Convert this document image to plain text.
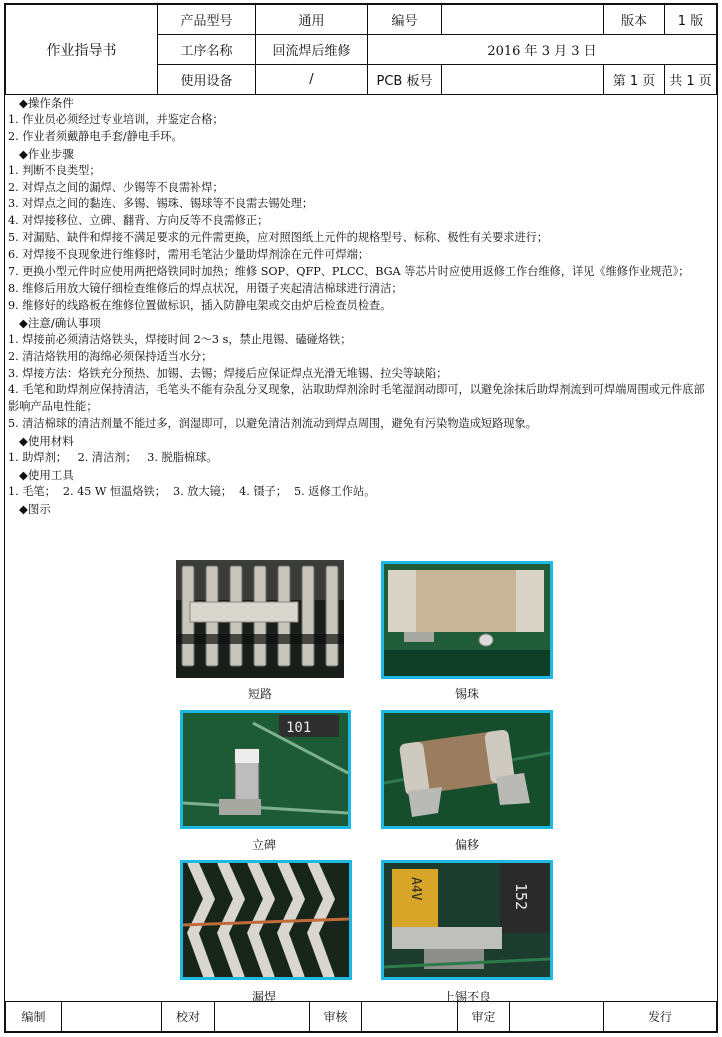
作业指导书	产品型号	通用	编号		版本	1 版
	工序名称	回流焊后维修	2016 年 3 月 3 日			
	使用设备	/	PCB 板号		第 1 页	共 1 页
◆操作条件
1. 作业员必须经过专业培训，并鉴定合格；
2. 作业者须戴静电手套/静电手环。
◆作业步骤
1. 判断不良类型；
2. 对焊点之间的漏焊、少锡等不良需补焊；
3. 对焊点之间的黏连、多锡、锡珠、锡球等不良需去锡处理；
4. 对焊接移位、立碑、翻背、方向反等不良需修正；
5. 对漏贴、缺件和焊接不满足要求的元件需更换，应对照图纸上元件的规格型号、标称、极性有关要求进行；
6. 对焊接不良现象进行维修时，需用毛笔沾少量助焊剂涂在元件可焊端；
7. 更换小型元件时应使用两把烙铁同时加热；维修 SOP、QFP、PLCC、BGA 等芯片时应使用返修工作台维修，详见《维修作业规范》；
8. 维修后用放大镜仔细检查维修后的焊点状况，用镊子夹起清洁棉球进行清洁；
9. 维修好的线路板在维修位置做标识，插入防静电架或交由炉后检查员检查。
◆注意/确认事项
1. 焊接前必须清洁烙铁头，焊接时间 2～3 s，禁止甩锡、磕碰烙铁；
2. 清洁烙铁用的海绵必须保持适当水分；
3. 焊接方法：烙铁充分预热、加锡、去锡；焊接后应保证焊点光滑无堆锡、拉尖等缺陷；
4. 毛笔和助焊剂应保持清洁，毛笔头不能有杂乱分叉现象，沾取助焊剂涂时毛笔湿润动即可，以避免涂抹后助焊剂流到可焊端周围或元件底部影响产品电性能；
5. 清洁棉球的清洁剂量不能过多，润湿即可，以避免清洁剂流动到焊点周围，避免有污染物造成短路现象。
◆使用材料
1. 助焊剂；   2. 清洁剂；   3. 脱脂棉球。
◆使用工具
1. 毛笔；  2. 45 W 恒温烙铁；  3. 放大镜；  4. 镊子；  5. 返修工作站。
◆图示
短路	锡珠
101
立碑	偏移
漏焊
152
A4V
上锡不良
编制		校对		审核		审定		发行
